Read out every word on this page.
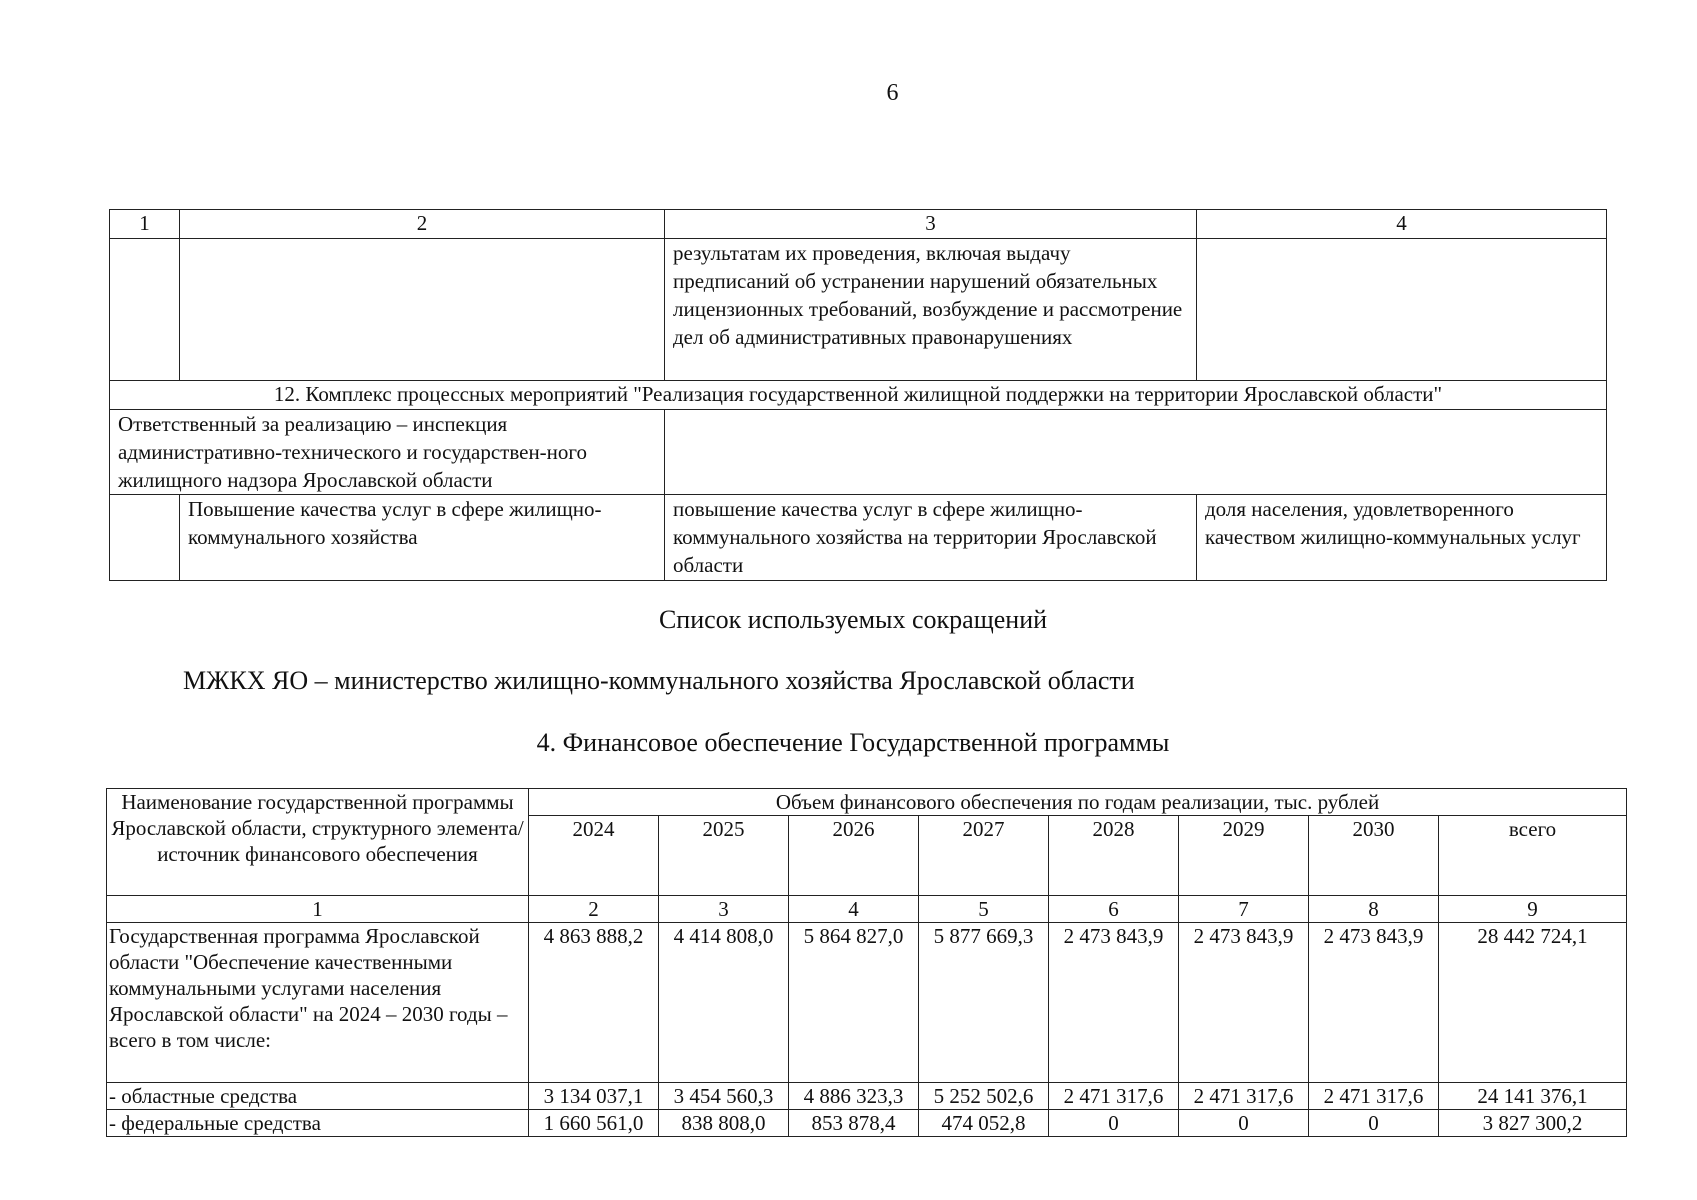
6
1	2	3	4
		результатам их проведения, включая выдачу предписаний об устранении нарушений обязательных лицензионных требований, возбуждение и рассмотрение дел об административных правонарушениях	
12. Комплекс процессных мероприятий "Реализация государственной жилищной поддержки на территории Ярославской области"			
Ответственный за реализацию – инспекция административно-технического и государствен-ного жилищного надзора Ярославской области			
	Повышение качества услуг в сфере жилищно-коммунального хозяйства	повышение качества услуг в сфере жилищно-коммунального хозяйства на территории Ярославской области	доля населения, удовлетворенного качеством жилищно-коммунальных услуг
Список используемых сокращений
МЖКХ ЯО – министерство жилищно-коммунального хозяйства Ярославской области
4. Финансовое обеспечение Государственной программы
Наименование государственной программы Ярославской области, структурного элемента/ источник финансового обеспечения	Объем финансового обеспечения по годам реализации, тыс. рублей							
	2024	2025	2026	2027	2028	2029	2030	всего
1	2	3	4	5	6	7	8	9
Государственная программа Ярославской области "Обеспечение качественными коммунальными услугами населения Ярославской области" на 2024 – 2030 годы – всего в том числе:	4 863 888,2	4 414 808,0	5 864 827,0	5 877 669,3	2 473 843,9	2 473 843,9	2 473 843,9	28 442 724,1
- областные средства	3 134 037,1	3 454 560,3	4 886 323,3	5 252 502,6	2 471 317,6	2 471 317,6	2 471 317,6	24 141 376,1
- федеральные средства	1 660 561,0	838 808,0	853 878,4	474 052,8	0	0	0	3 827 300,2
